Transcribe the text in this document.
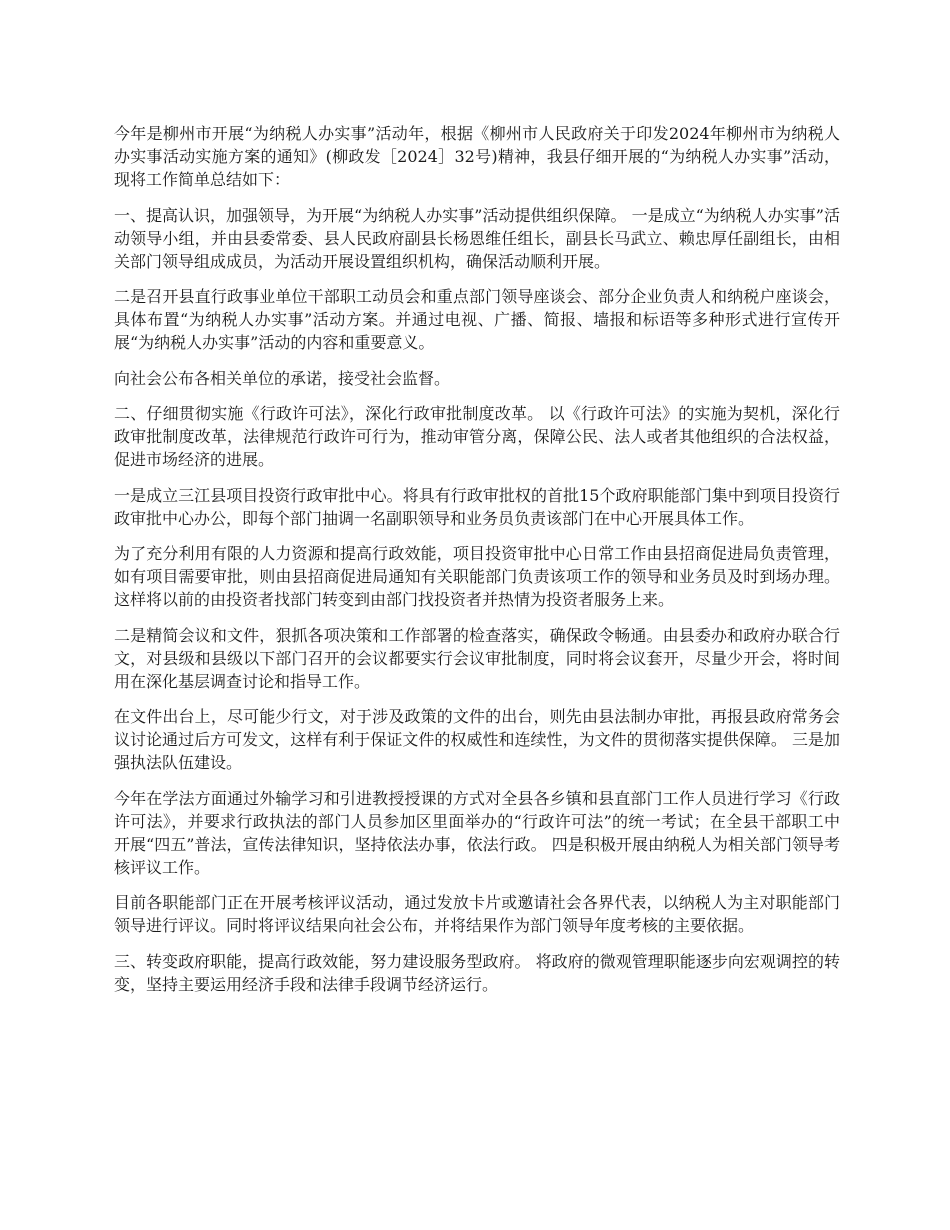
今年是柳州市开展“为纳税人办实事”活动年，根据《柳州市人民政府关于印发2024年柳州市为纳税人办实事活动实施方案的通知》(柳政发［2024］32号)精神，我县仔细开展的“为纳税人办实事”活动，现将工作简单总结如下：

一、提高认识，加强领导，为开展“为纳税人办实事”活动提供组织保障。 一是成立“为纳税人办实事”活动领导小组，并由县委常委、县人民政府副县长杨恩维任组长，副县长马武立、赖忠厚任副组长，由相关部门领导组成成员，为活动开展设置组织机构，确保活动顺利开展。

二是召开县直行政事业单位干部职工动员会和重点部门领导座谈会、部分企业负责人和纳税户座谈会，具体布置“为纳税人办实事”活动方案。并通过电视、广播、简报、墙报和标语等多种形式进行宣传开展“为纳税人办实事”活动的内容和重要意义。

向社会公布各相关单位的承诺，接受社会监督。

二、仔细贯彻实施《行政许可法》，深化行政审批制度改革。 以《行政许可法》的实施为契机，深化行政审批制度改革，法律规范行政许可行为，推动审管分离，保障公民、法人或者其他组织的合法权益，促进市场经济的进展。

一是成立三江县项目投资行政审批中心。将具有行政审批权的首批15个政府职能部门集中到项目投资行政审批中心办公，即每个部门抽调一名副职领导和业务员负责该部门在中心开展具体工作。

为了充分利用有限的人力资源和提高行政效能，项目投资审批中心日常工作由县招商促进局负责管理，如有项目需要审批，则由县招商促进局通知有关职能部门负责该项工作的领导和业务员及时到场办理。这样将以前的由投资者找部门转变到由部门找投资者并热情为投资者服务上来。

二是精简会议和文件，狠抓各项决策和工作部署的检查落实，确保政令畅通。由县委办和政府办联合行文，对县级和县级以下部门召开的会议都要实行会议审批制度，同时将会议套开，尽量少开会，将时间用在深化基层调查讨论和指导工作。

在文件出台上，尽可能少行文，对于涉及政策的文件的出台，则先由县法制办审批，再报县政府常务会议讨论通过后方可发文，这样有利于保证文件的权威性和连续性，为文件的贯彻落实提供保障。 三是加强执法队伍建设。

今年在学法方面通过外输学习和引进教授授课的方式对全县各乡镇和县直部门工作人员进行学习《行政许可法》，并要求行政执法的部门人员参加区里面举办的“行政许可法”的统一考试；在全县干部职工中开展“四五”普法，宣传法律知识，坚持依法办事，依法行政。 四是积极开展由纳税人为相关部门领导考核评议工作。

目前各职能部门正在开展考核评议活动，通过发放卡片或邀请社会各界代表，以纳税人为主对职能部门领导进行评议。同时将评议结果向社会公布，并将结果作为部门领导年度考核的主要依据。

三、转变政府职能，提高行政效能，努力建设服务型政府。 将政府的微观管理职能逐步向宏观调控的转变，坚持主要运用经济手段和法律手段调节经济运行。
